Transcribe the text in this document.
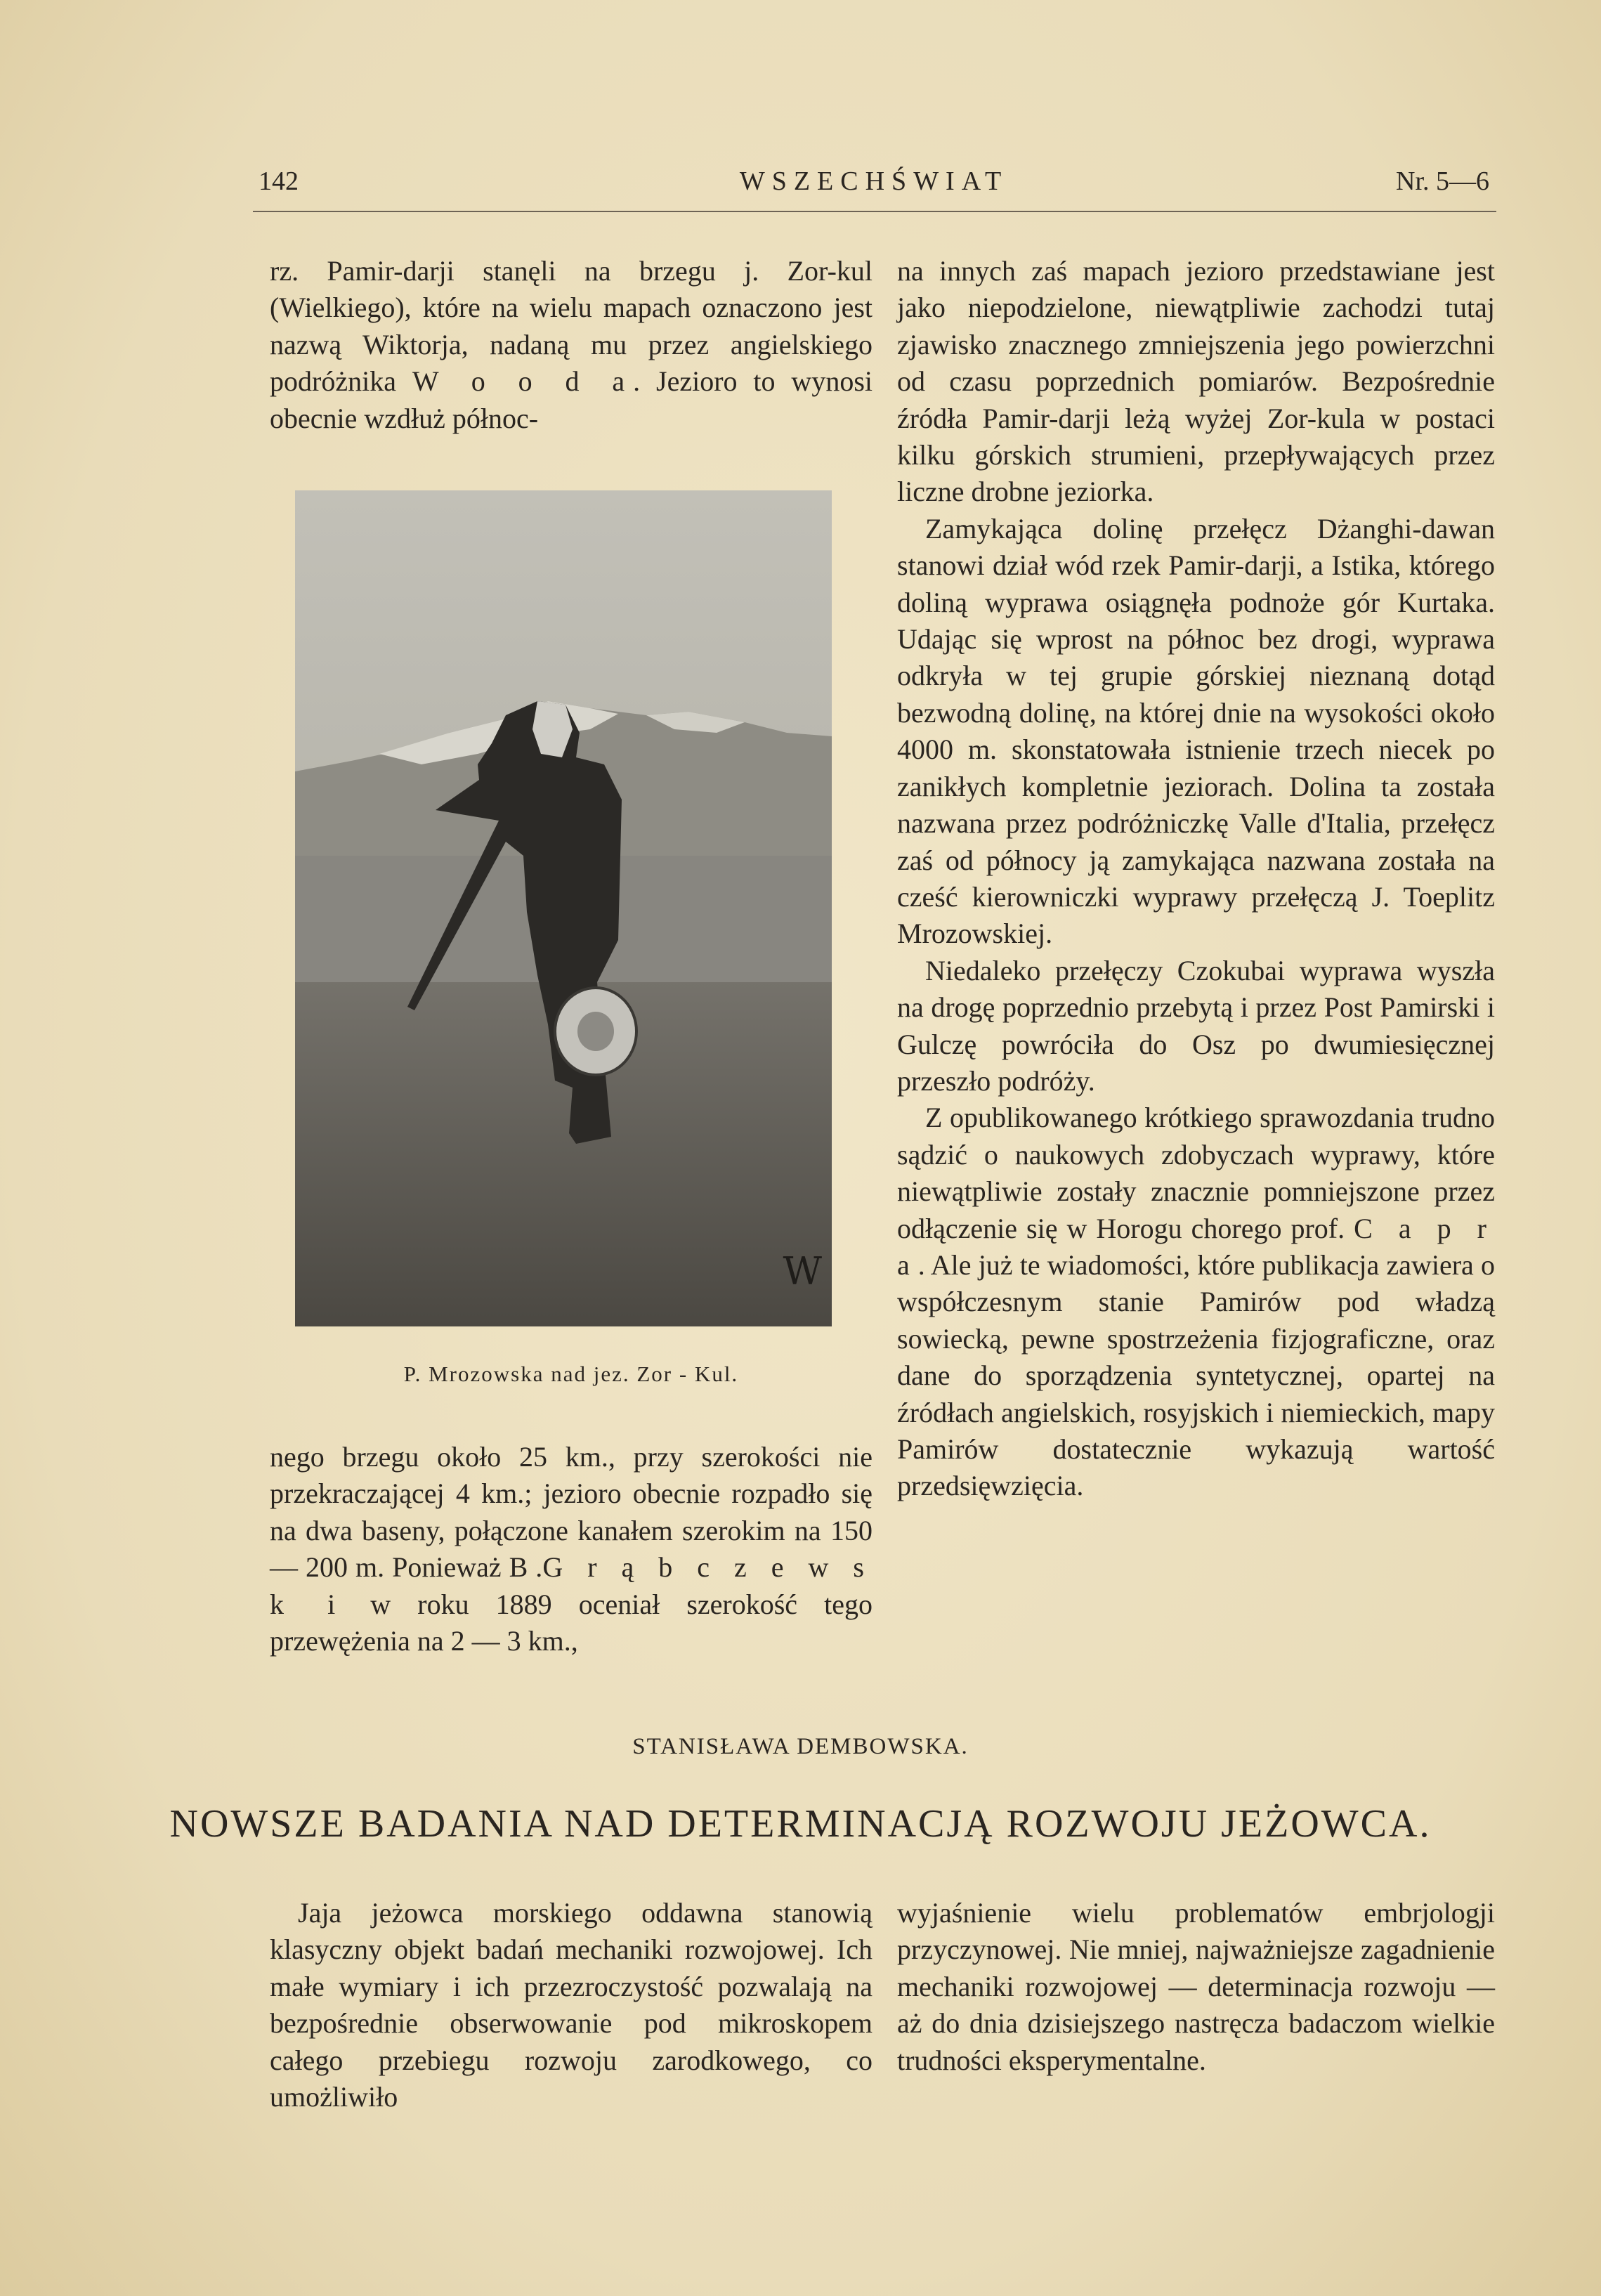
142	WSZECHŚWIAT	Nr. 5—6

rz. Pamir-darji stanęli na brzegu j. Zor-kul (Wielkiego), które na wielu mapach oznaczono jest nazwą Wiktorja, nadaną mu przez angielskiego podróżnika W o o d a. Jezioro to wynosi obecnie wzdłuż północ-

W
P. Mrozowska nad jez. Zor - Kul.

nego brzegu około 25 km., przy szerokości nie przekraczającej 4 km.; jezioro obecnie rozpadło się na dwa baseny, połączone kanałem szerokim na 150 — 200 m. Ponieważ B .G r ą b c z e w s k i w roku 1889 oceniał szerokość tego przewężenia na 2 — 3 km.,

na innych zaś mapach jezioro przedstawiane jest jako niepodzielone, niewątpliwie zachodzi tutaj zjawisko znacznego zmniejszenia jego powierzchni od czasu poprzednich pomiarów. Bezpośrednie źródła Pamir-darji leżą wyżej Zor-kula w postaci kilku górskich strumieni, przepływających przez liczne drobne jeziorka.

Zamykająca dolinę przełęcz Dżanghi-dawan stanowi dział wód rzek Pamir-darji, a Istika, którego doliną wyprawa osiągnęła podnoże gór Kurtaka. Udając się wprost na północ bez drogi, wyprawa odkryła w tej grupie górskiej nieznaną dotąd bezwodną dolinę, na której dnie na wysokości około 4000 m. skonstatowała istnienie trzech niecek po zanikłych kompletnie jeziorach. Dolina ta została nazwana przez podróżniczkę Valle d'Italia, przełęcz zaś od północy ją zamykająca nazwana została na cześć kierowniczki wyprawy przełęczą J. Toeplitz Mrozowskiej.

Niedaleko przełęczy Czokubai wyprawa wyszła na drogę poprzednio przebytą i przez Post Pamirski i Gulczę powróciła do Osz po dwumiesięcznej przeszło podróży.

Z opublikowanego krótkiego sprawozdania trudno sądzić o naukowych zdobyczach wyprawy, które niewątpliwie zostały znacznie pomniejszone przez odłączenie się w Horogu chorego prof. C a p r a. Ale już te wiadomości, które publikacja zawiera o współczesnym stanie Pamirów pod władzą sowiecką, pewne spostrzeżenia fizjograficzne, oraz dane do sporządzenia syntetycznej, opartej na źródłach angielskich, rosyjskich i niemieckich, mapy Pamirów dostatecznie wykazują wartość przedsięwzięcia.

STANISŁAWA DEMBOWSKA.
NOWSZE BADANIA NAD DETERMINACJĄ ROZWOJU JEŻOWCA.

Jaja jeżowca morskiego oddawna stanowią klasyczny objekt badań mechaniki rozwojowej. Ich małe wymiary i ich przezroczystość pozwalają na bezpośrednie obserwowanie pod mikroskopem całego przebiegu rozwoju zarodkowego, co umożliwiło

wyjaśnienie wielu problematów embrjologji przyczynowej. Nie mniej, najważniejsze zagadnienie mechaniki rozwojowej — determinacja rozwoju — aż do dnia dzisiejszego nastręcza badaczom wielkie trudności eksperymentalne.
